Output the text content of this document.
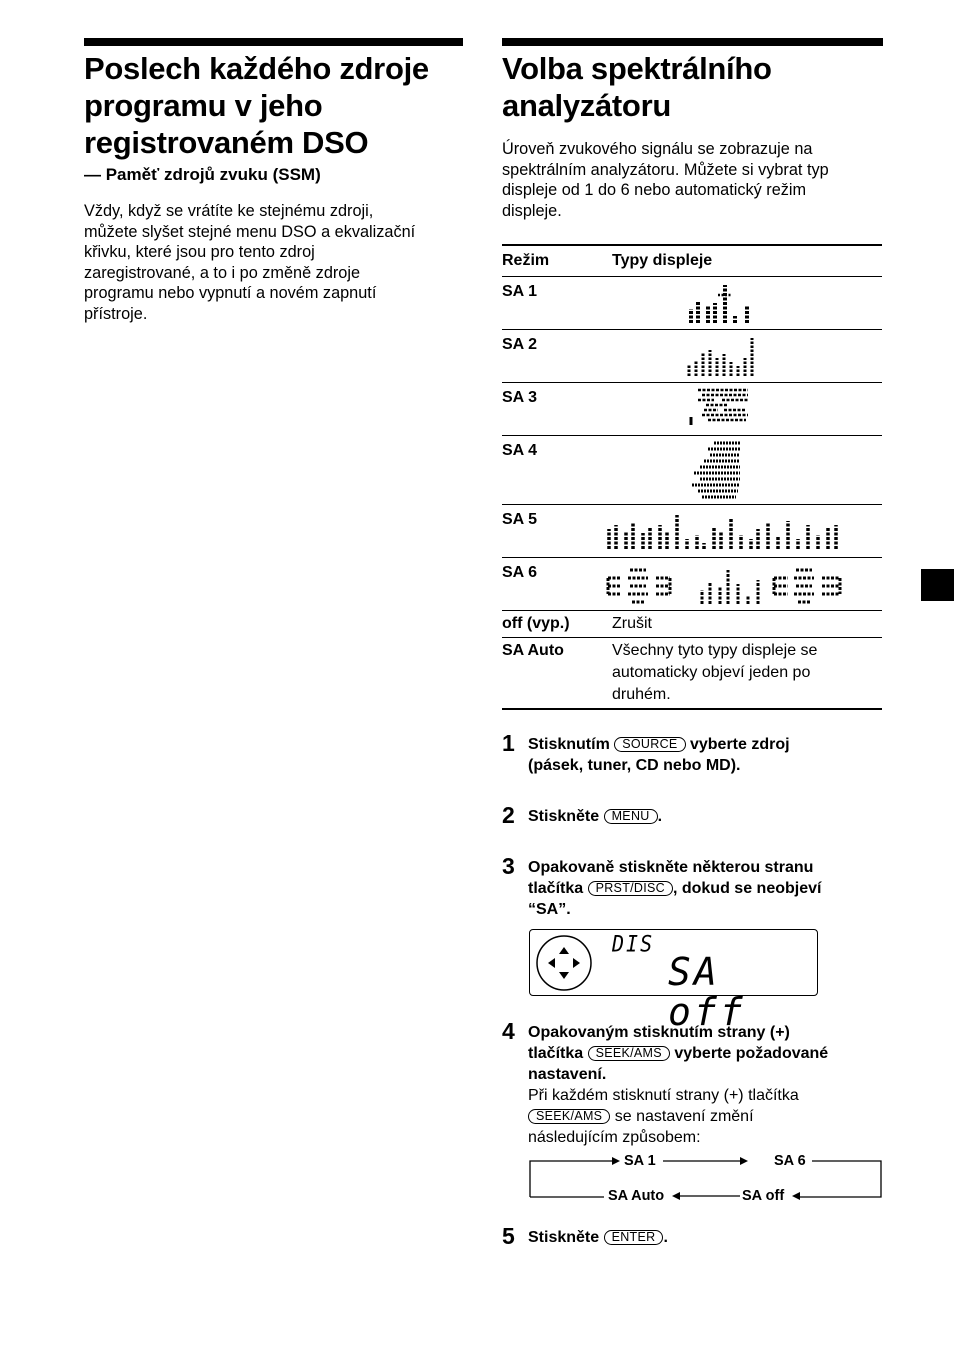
Poslech každého zdroje
programu v jeho
registrovaném DSO
— Paměť zdrojů zvuku (SSM)
Vždy, když se vrátíte ke stejnému zdroji,
můžete slyšet stejné menu DSO a ekvalizační
křivku, které jsou pro tento zdroj
zaregistrované, a to i po změně zdroje
programu nebo vypnutí a novém zapnutí
přístroje.
Volba spektrálního
analyzátoru
Úroveň zvukového signálu se zobrazuje na
spektrálním analyzátoru. Můžete si vybrat typ
displeje od 1 do 6 nebo automatický režim
displeje.
Režim	Typy displeje
SA 1
SA 2
SA 3
SA 4
SA 5
SA 6
off (vyp.)	Zrušit
SA Auto	Všechny tyto typy displeje se
automaticky objeví jeden po
druhém.
1 Stisknutím SOURCE vyberte zdroj
(pásek, tuner, CD nebo MD).
2 Stiskněte MENU .
3 Opakovaně stiskněte některou stranu
tlačítka PRST/DISC , dokud se neobjeví
“SA”.
DIS
SA off
4 Opakovaným stisknutím strany (+)
tlačítka SEEK/AMS vyberte požadované
nastavení.
Při každém stisknutí strany (+) tlačítka
SEEK/AMS se nastavení změní
následujícím způsobem:
SA 1	SA 6
SA off
SA Auto
5 Stiskněte ENTER .
